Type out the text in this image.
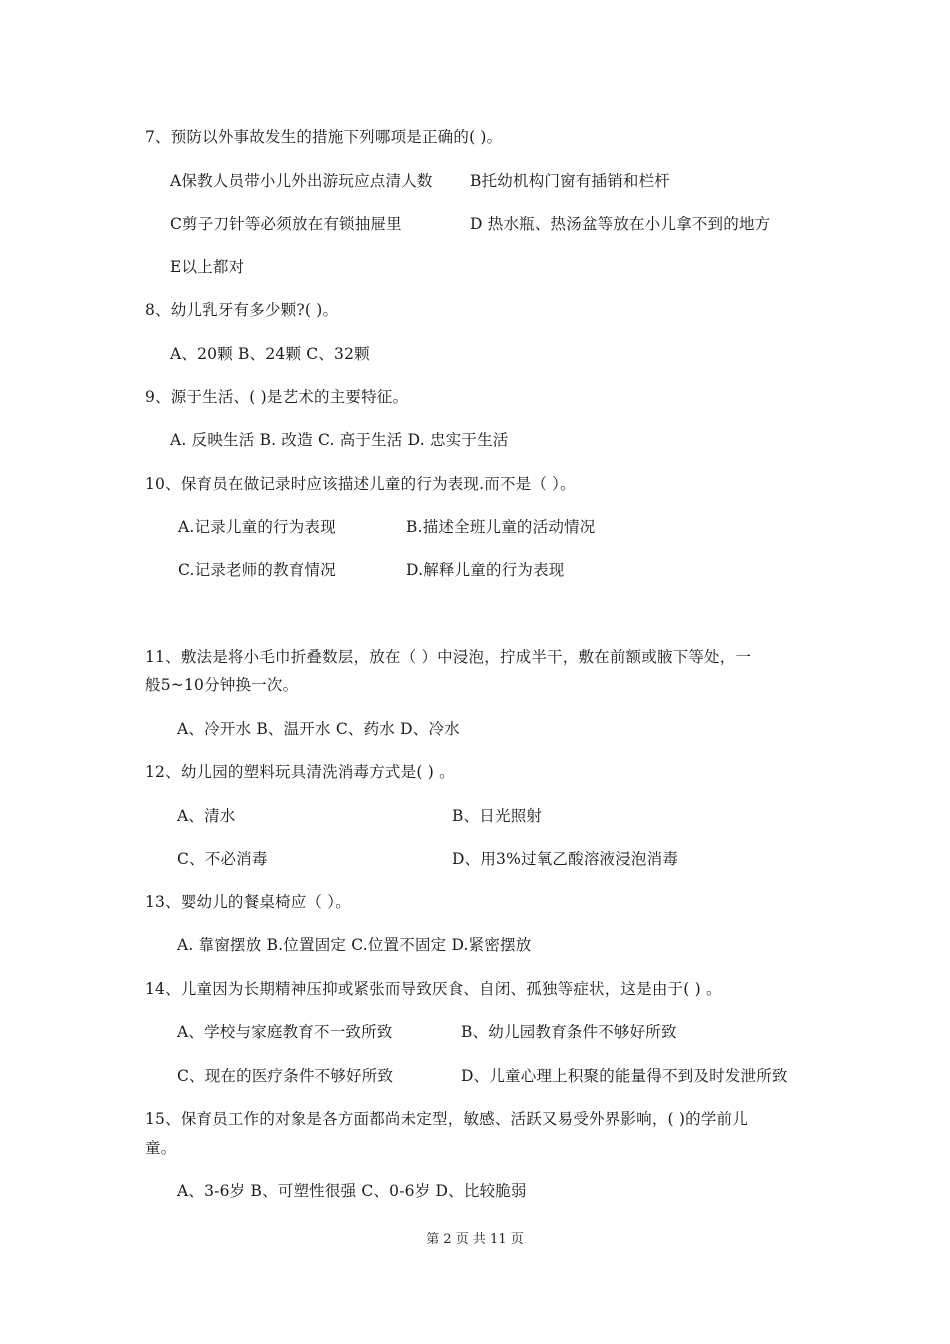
7、预防以外事故发生的措施下列哪项是正确的( )。
A保教人员带小儿外出游玩应点清人数 B托幼机构门窗有插销和栏杆
C剪子刀针等必须放在有锁抽屉里	D 热水瓶、热汤盆等放在小儿拿不到的地方
E以上都对
8、幼儿乳牙有多少颗?( )。
A、20颗 B、24颗 C、32颗
9、源于生活、( )是艺术的主要特征。
A. 反映生活 B. 改造 C. 高于生活 D. 忠实于生活
10、保育员在做记录时应该描述儿童的行为表现.而不是（ ）。
A.记录儿童的行为表现	B.描述全班儿童的活动情况
C.记录老师的教育情况	D.解释儿童的行为表现
11、敷法是将小毛巾折叠数层，放在（ ）中浸泡，拧成半干，敷在前额或腋下等处，一
般5~10分钟换一次。
A、冷开水 B、温开水 C、药水 D、冷水
12、幼儿园的塑料玩具清洗消毒方式是( ) 。
A、清水	B、日光照射
C、不必消毒	D、用3%过氧乙酸溶液浸泡消毒
13、婴幼儿的餐桌椅应（ ）。
A. 靠窗摆放 B.位置固定 C.位置不固定 D.紧密摆放
14、儿童因为长期精神压抑或紧张而导致厌食、自闭、孤独等症状，这是由于( ) 。
A、学校与家庭教育不一致所致	B、幼儿园教育条件不够好所致
C、现在的医疗条件不够好所致	D、儿童心理上积聚的能量得不到及时发泄所致
15、保育员工作的对象是各方面都尚未定型，敏感、活跃又易受外界影响，( )的学前儿
童。
A、3-6岁 B、可塑性很强 C、0-6岁 D、比较脆弱
第 2 页 共 11 页
